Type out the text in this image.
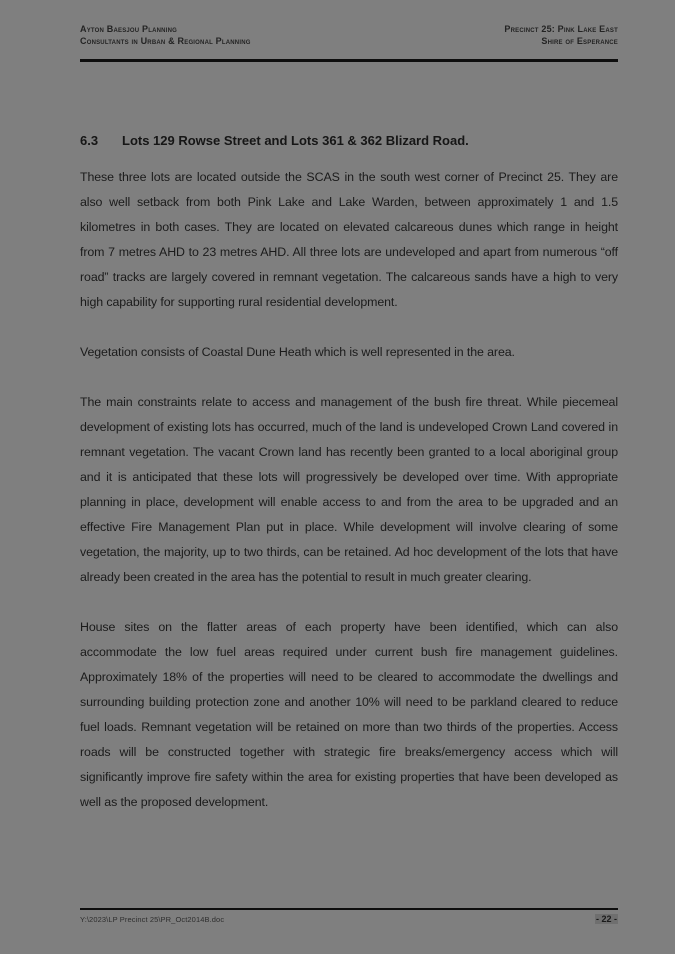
Ayton Baesjou Planning
Consultants in Urban & Regional Planning
Precinct 25: Pink Lake East
Shire of Esperance
6.3	Lots 129 Rowse Street and Lots 361 & 362 Blizard Road.

These three lots are located outside the SCAS in the south west corner of Precinct 25. They are also well setback from both Pink Lake and Lake Warden, between approximately 1 and 1.5 kilometres in both cases. They are located on elevated calcareous dunes which range in height from 7 metres AHD to 23 metres AHD. All three lots are undeveloped and apart from numerous “off road” tracks are largely covered in remnant vegetation. The calcareous sands have a high to very high capability for supporting rural residential development.

Vegetation consists of Coastal Dune Heath which is well represented in the area.

The main constraints relate to access and management of the bush fire threat. While piecemeal development of existing lots has occurred, much of the land is undeveloped Crown Land covered in remnant vegetation. The vacant Crown land has recently been granted to a local aboriginal group and it is anticipated that these lots will progressively be developed over time. With appropriate planning in place, development will enable access to and from the area to be upgraded and an effective Fire Management Plan put in place. While development will involve clearing of some vegetation, the majority, up to two thirds, can be retained. Ad hoc development of the lots that have already been created in the area has the potential to result in much greater clearing.

House sites on the flatter areas of each property have been identified, which can also accommodate the low fuel areas required under current bush fire management guidelines. Approximately 18% of the properties will need to be cleared to accommodate the dwellings and surrounding building protection zone and another 10% will need to be parkland cleared to reduce fuel loads. Remnant vegetation will be retained on more than two thirds of the properties. Access roads will be constructed together with strategic fire breaks/emergency access which will significantly improve fire safety within the area for existing properties that have been developed as well as the proposed development.

Y:\2023\LP Precinct 25\PR_Oct2014B.doc	- 22 -
